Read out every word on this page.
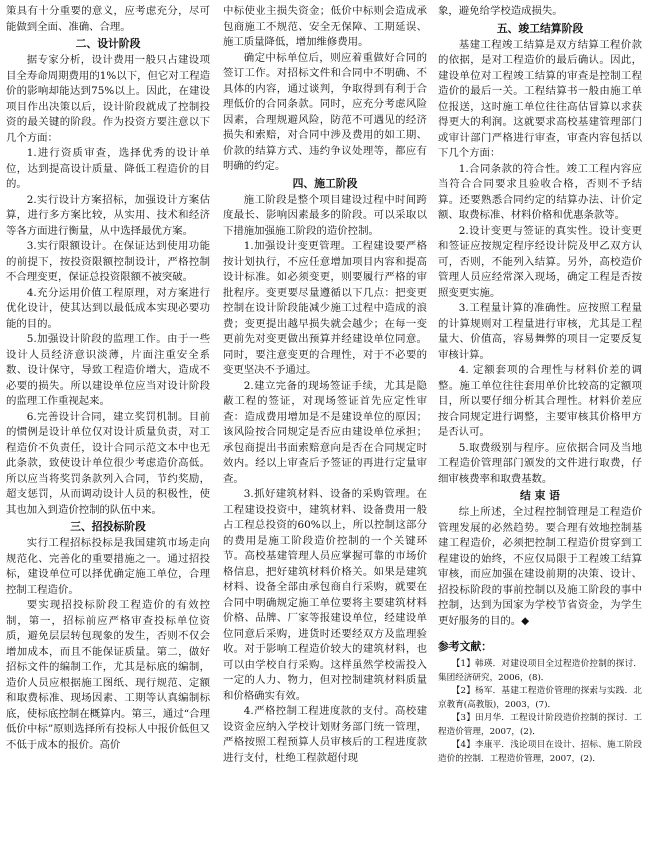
策具有十分重要的意义，应考虑充分，尽可能做到全面、准确、合理。

二、设计阶段

据专家分析，设计费用一般只占建设项目全寿命周期费用的1%以下，但它对工程造价的影响却能达到75%以上。因此，在建设项目作出决策以后，设计阶段就成了控制投资的最关键的阶段。作为投资方要注意以下几个方面：

1.进行资质审查，选择优秀的设计单位，达到提高设计质量、降低工程造价的目的。

2.实行设计方案招标，加强设计方案估算，进行多方案比较，从实用、技术和经济等各方面进行衡量，从中选择最优方案。

3.实行限额设计。在保证达到使用功能的前提下，按投资限额控制设计，严格控制不合理变更，保证总投资限额不被突破。

4.充分运用价值工程原理，对方案进行优化设计，使其达到以最低成本实现必要功能的目的。

5.加强设计阶段的监理工作。由于一些设计人员经济意识淡薄，片面注重安全系数、设计保守，导致工程造价增大，造成不必要的损失。所以建设单位应当对设计阶段的监理工作重视起来。

6.完善设计合同，建立奖罚机制。目前的惯例是设计单位仅对设计质量负责，对工程造价不负责任，设计合同示范文本中也无此条款，致使设计单位很少考虑造价高低。所以应当将奖罚条款列入合同，节约奖励，超支惩罚，从而调动设计人员的积极性，使其也加入到造价控制的队伍中来。

三、招投标阶段

实行工程招标投标是我国建筑市场走向规范化、完善化的重要措施之一。通过招投标，建设单位可以择优确定施工单位，合理控制工程造价。

要实现招投标阶段工程造价的有效控制，第一，招标前应严格审查投标单位资质，避免层层转包现象的发生，否则不仅会增加成本，而且不能保证质量。第二，做好招标文件的编制工作，尤其是标底的编制，造价人员应根据施工图纸、现行规范、定额和取费标准、现场因素、工期等认真编制标底，使标底控制在概算内。第三，通过“合理低价中标”原则选择所有投标人中报价低但又不低于成本的报价。高价

中标使业主损失资金；低价中标则会造成承包商施工不规范、安全无保障、工期延误、施工质量降低，增加维修费用。

确定中标单位后，则应着重做好合同的签订工作。对招标文件和合同中不明确、不具体的内容，通过谈判，争取得到有利于合理低价的合同条款。同时，应充分考虑风险因素，合理规避风险，防范不可遇见的经济损失和索赔，对合同中涉及费用的如工期、价款的结算方式、违约争议处理等，都应有明确的约定。

四、施工阶段

施工阶段是整个项目建设过程中时间跨度最长、影响因素最多的阶段。可以采取以下措施加强施工阶段的造价控制。

1.加强设计变更管理。工程建设要严格按计划执行，不应任意增加项目内容和提高设计标准。如必须变更，则要履行严格的审批程序。变更要尽量遵循以下几点：把变更控制在设计阶段能减少施工过程中造成的浪费；变更提出越早损失就会越少；在每一变更前先对变更做出预算并经建设单位同意。同时，要注意变更的合理性，对于不必要的变更坚决不予通过。

2.建立完备的现场签证手续，尤其是隐蔽工程的签证，对现场签证首先应定性审查：造成费用增加是不是建设单位的原因；该风险按合同规定是否应由建设单位承担；承包商提出书面索赔意向是否在合同规定时效内。经以上审查后予签证的再进行定量审查。

3.抓好建筑材料、设备的采购管理。在工程建设投资中，建筑材料、设备费用一般占工程总投资的60%以上，所以控制这部分的费用是施工阶段造价控制的一个关键环节。高校基建管理人员应掌握可靠的市场价格信息，把好建筑材料价格关。如果是建筑材料、设备全部由承包商自行采购，就要在合同中明确规定施工单位要将主要建筑材料价格、品牌、厂家等报建设单位，经建设单位同意后采购，进货时还要经双方及监理验收。对于影响工程造价较大的建筑材料，也可以由学校自行采购。这样虽然学校需投入一定的人力、物力，但对控制建筑材料质量和价格确实有效。

4.严格控制工程进度款的支付。高校建设资金应纳入学校计划财务部门统一管理，严格按照工程预算人员审核后的工程进度款进行支付，杜绝工程款超付现

象，避免给学校造成损失。

五、竣工结算阶段

基建工程竣工结算是双方结算工程价款的依据，是对工程造价的最后确认。因此，建设单位对工程竣工结算的审查是控制工程造价的最后一关。工程结算书一般由施工单位报送，这时施工单位往往高估冒算以求获得更大的利润。这就要求高校基建管理部门或审计部门严格进行审查，审查内容包括以下几个方面：

1.合同条款的符合性。竣工工程内容应当符合合同要求且验收合格，否则不予结算。还要熟悉合同约定的结算办法、计价定额、取费标准、材料价格和优惠条款等。

2.设计变更与签证的真实性。设计变更和签证应按规定程序经设计院及甲乙双方认可，否则，不能列入结算。另外，高校造价管理人员应经常深入现场，确定工程是否按照变更实施。

3.工程量计算的准确性。应按照工程量的计算规则对工程量进行审核，尤其是工程量大、价值高，容易舞弊的项目一定要反复审核计算。

4. 定额套项的合理性与材料价差的调整。施工单位往往套用单价比较高的定额项目，所以要仔细分析其合理性。材料价差应按合同规定进行调整，主要审核其价格甲方是否认可。

5.取费级别与程序。应依据合同及当地工程造价管理部门颁发的文件进行取费，仔细审核费率和取费基数。

结 束 语

综上所述，全过程控制管理是工程造价管理发展的必然趋势。要合理有效地控制基建工程造价，必须把控制工程造价贯穿到工程建设的始终，不应仅局限于工程竣工结算审核，而应加强在建设前期的决策、设计、招投标阶段的事前控制以及施工阶段的事中控制，达到为国家为学校节省资金，为学生更好服务的目的。◆

参考文献：
【1】韩瑛．对建设项目全过程造价控制的探讨．集团经济研究，2006，(8)．
【2】杨军．基建工程造价管理的探索与实践．北京教育(高教版)，2003，(7)．
【3】田月华．工程设计阶段造价控制的探讨．工程造价管理，2007，(2)．
【4】李康平．浅论项目在设计、招标、施工阶段造价的控制．工程造价管理，2007，(2)．
